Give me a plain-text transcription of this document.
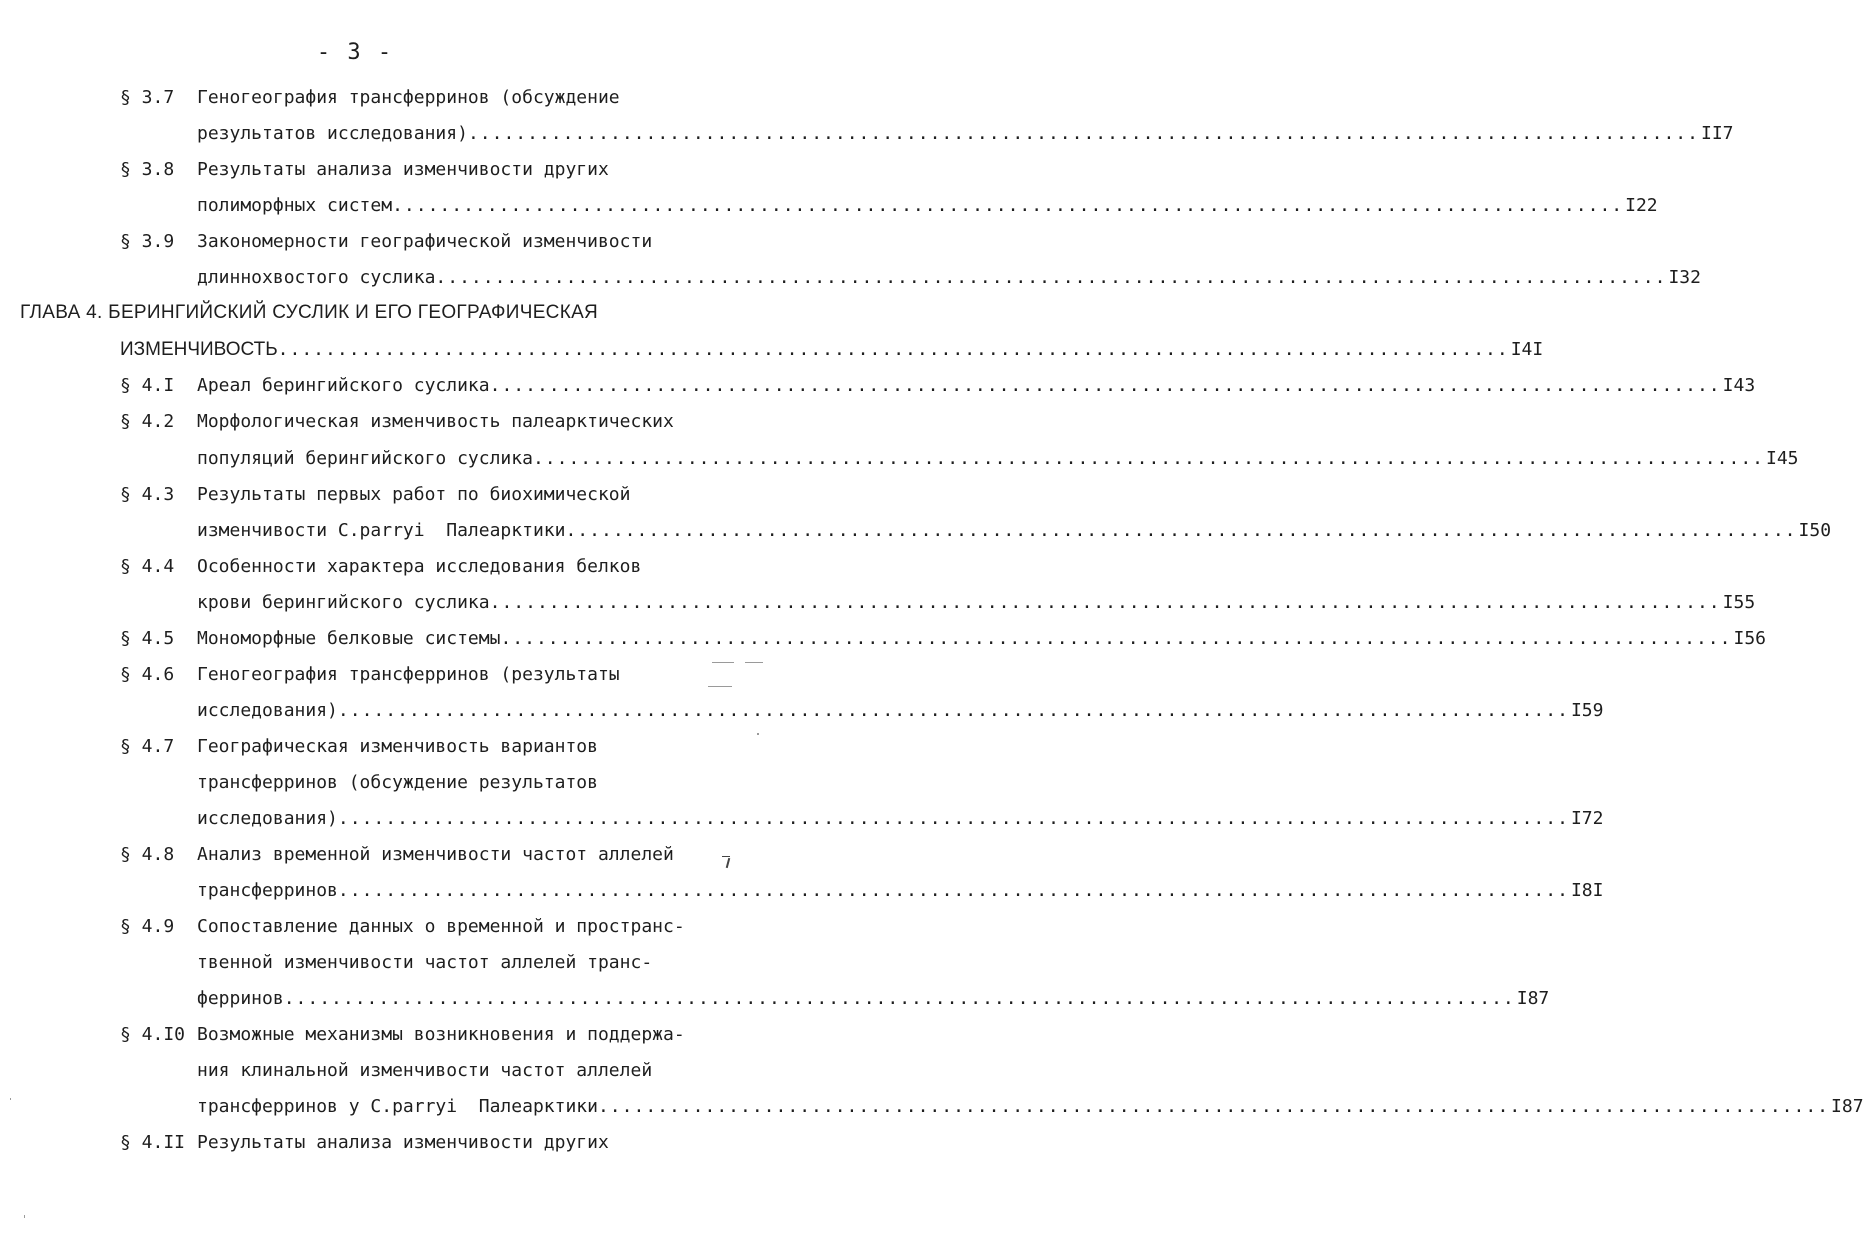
- 3 -
§ 3.7 Геногеография трансферринов (обсуждение
результатов исследования) ........................................................................................................ II7
§ 3.8 Результаты анализа изменчивости других
полиморфных систем ........................................................................................................ I22
§ 3.9 Закономерности географической изменчивости
длиннохвостого суслика ........................................................................................................ I32
ГЛАВА 4. БЕРИНГИЙСКИЙ СУСЛИК И ЕГО ГЕОГРАФИЧЕСКАЯ
ИЗМЕНЧИВОСТЬ ........................................................................................................ I4I
§ 4.I Ареал берингийского суслика ........................................................................................................ I43
§ 4.2 Морфологическая изменчивость палеарктических
популяций берингийского суслика ........................................................................................................ I45
§ 4.3 Результаты первых работ по биохимической
изменчивости C.parryi  Палеарктики ........................................................................................................ I50
§ 4.4 Особенности характера исследования белков
крови берингийского суслика ........................................................................................................ I55
§ 4.5 Мономорфные белковые системы ........................................................................................................ I56
§ 4.6 Геногеография трансферринов (результаты
исследования) ........................................................................................................ I59
§ 4.7 Географическая изменчивость вариантов
трансферринов (обсуждение результатов
исследования) ........................................................................................................ I72
§ 4.8 Анализ временной изменчивости частот аллелей
трансферринов ........................................................................................................ I8I
§ 4.9 Сопоставление данных о временной и пространс-
твенной изменчивости частот аллелей транс-
ферринов ........................................................................................................ I87
§ 4.I0 Возможные механизмы возникновения и поддержа-
ния клинальной изменчивости частот аллелей
трансферринов у C.parryi  Палеарктики ........................................................................................................ I87
§ 4.II Результаты анализа изменчивости других
